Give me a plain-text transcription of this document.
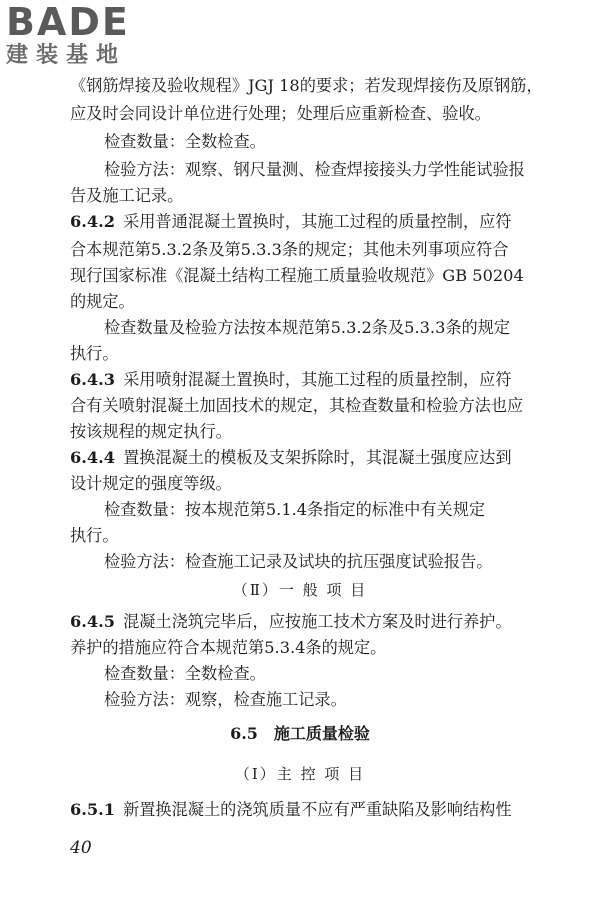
BADE
建装基地
《钢筋焊接及验收规程》JGJ 18的要求；若发现焊接伤及原钢筋，
应及时会同设计单位进行处理；处理后应重新检查、验收。
检查数量：全数检查。
检验方法：观察、钢尺量测、检查焊接接头力学性能试验报
告及施工记录。
6.4.2 采用普通混凝土置换时，其施工过程的质量控制，应符
合本规范第5.3.2条及第5.3.3条的规定；其他未列事项应符合
现行国家标准《混凝土结构工程施工质量验收规范》GB 50204
的规定。
检查数量及检验方法按本规范第5.3.2条及5.3.3条的规定
执行。
6.4.3 采用喷射混凝土置换时，其施工过程的质量控制，应符
合有关喷射混凝土加固技术的规定，其检查数量和检验方法也应
按该规程的规定执行。
6.4.4 置换混凝土的模板及支架拆除时，其混凝土强度应达到
设计规定的强度等级。
检查数量：按本规范第5.1.4条指定的标准中有关规定
执行。
检验方法：检查施工记录及试块的抗压强度试验报告。
（Ⅱ）一 般 项 目
6.4.5 混凝土浇筑完毕后，应按施工技术方案及时进行养护。
养护的措施应符合本规范第5.3.4条的规定。
检查数量：全数检查。
检验方法：观察，检查施工记录。
6.5　施工质量检验
（Ⅰ）主 控 项 目
6.5.1 新置换混凝土的浇筑质量不应有严重缺陷及影响结构性
40
